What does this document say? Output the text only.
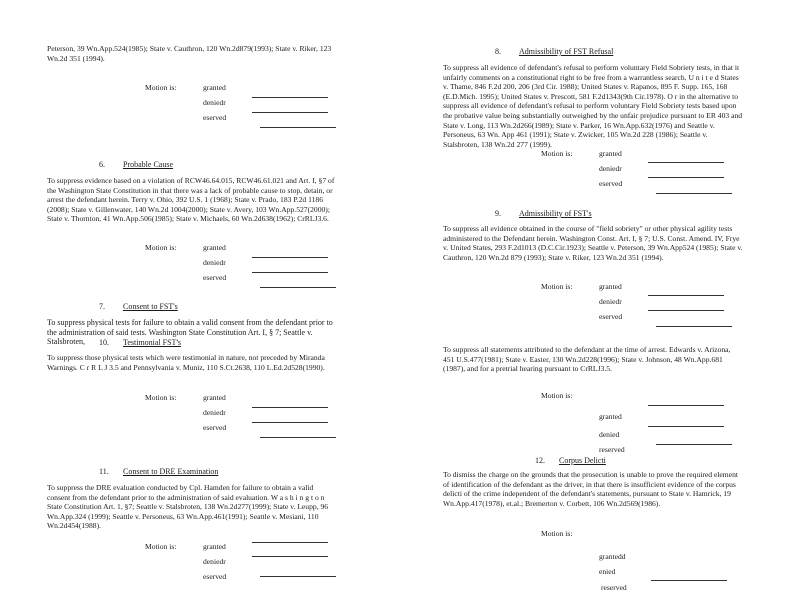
Peterson, 39 Wn.App.524(1985); State v. Cauthron, 120 Wn.2d879(1993); State v. Riker, 123 Wn.2d 351 (1994).

Motion is:	granted
deniedr
eserved
6. Probable Cause

To suppress evidence based on a violation of RCW46.64.015, RCW46.61.021 and Art. I, §7 of the Washington State Constitution in that there was a lack of probable cause to stop, detain, or arrest the defendant herein. Terry v. Ohio, 392 U.S. 1 (1968); State v. Prado, 183 P.2d 1186 (2008); State v. Gillenwater, 140 Wn.2d 1004(2000); State v. Avery, 103 Wn.App.527(2000); State v. Thornton, 41 Wn.App.506(1985); State v. Michaels, 60 Wn.2d638(1962); CrRLJ3.6.

Motion is:	granted
deniedr
eserved
7. Consent to FST's

To suppress physical tests for failure to obtain a valid consent from the defendant prior to the administration of said tests. Washington State Constitution Art. I, § 7; Seattle v. Stalsbroten,	10. Testimonial FST's

To suppress those physical tests which were testimonial in nature, not preceded by Miranda Warnings. C r R L J 3.5 and Pennsylvania v. Muniz, 110 S.Ct.2638, 110 L.Ed.2d528(1990).

Motion is:	granted
deniedr
eserved
11. Consent to DRE Examination

To suppress the DRE evaluation conducted by Cpl. Hamden for failure to obtain a valid consent from the defendant prior to the administration of said evaluation. W a s h i n g t o n State Constitution Art. 1, §7; Seattle v. Stalsbroten, 138 Wn.2d277(1999); State v. Leupp, 96 Wn.App.324 (1999); Seattle v. Personeus, 63 Wn.App.461(1991); Seattle v. Mesiani, 110 Wn.2d454(1988).

Motion is:	granted
deniedr
eserved
8. Admissibility of FST Refusal

To suppress all evidence of defendant's refusal to perform voluntary Field Sobriety tests, in that it unfairly comments on a constitutional right to be free from a warrantless search. U n i t e d States v. Thame, 846 F.2d 200, 206 (3rd Cir. 1988); United States v. Rapanos, 895 F. Supp. 165, 168 (E.D.Mich. 1995); United States v. Prescott, 581 F.2d1343(9th Cir.1978). O r in the alternative to suppress all evidence of defendant's refusal to perform voluntary Field Sobriety tests based upon the probative value being substantially outweighed by the unfair prejudice pursuant to ER 403 and State v. Long, 113 Wn.2d266(1989); State v. Parker, 16 Wn.App.632(1976) and Seattle v. Personeus, 63 Wn. App 461 (1991); State v. Zwicker, 105 Wn.2d 228 (1986); Seattle v. Stalsbroten, 138 Wn.2d 277 (1999).

Motion is:	granted
deniedr
eserved
9. Admissibility of FST's

To suppress all evidence obtained in the course of "field sobriety" or other physical agility tests administered to the Defendant herein. Washington Const. Art. I, § 7; U.S. Const. Amend. IV, Frye v. United States, 293 F.2d1013 (D.C.Cir.1923); Seattle v. Peterson, 39 Wn.App524 (1985); State v. Cauthron, 120 Wn.2d 879 (1993); State v. Riker, 123 Wn.2d 351 (1994).

Motion is:	granted
deniedr
eserved

To suppress all statements attributed to the defendant at the time of arrest. Edwards v. Arizona, 451 U.S.477(1981); State v. Easter, 130 Wn.2d228(1996); State v. Johnson, 48 Wn.App.681 (1987), and for a pretrial hearing pursuant to CrRLJ3.5.

Motion is:
granted
denied
reserved
12. Corpus Delicti

To dismiss the charge on the grounds that the prosecution is unable to prove the required element of identification of the defendant as the driver, in that there is insufficient evidence of the corpus delicti of the crime independent of the defendant's statements, pursuant to State v. Hamrick, 19 Wn.App.417(1978), et.al.; Bremerton v. Corbett, 106 Wn.2d569(1986).

Motion is:
grantedd
enied
reserved
